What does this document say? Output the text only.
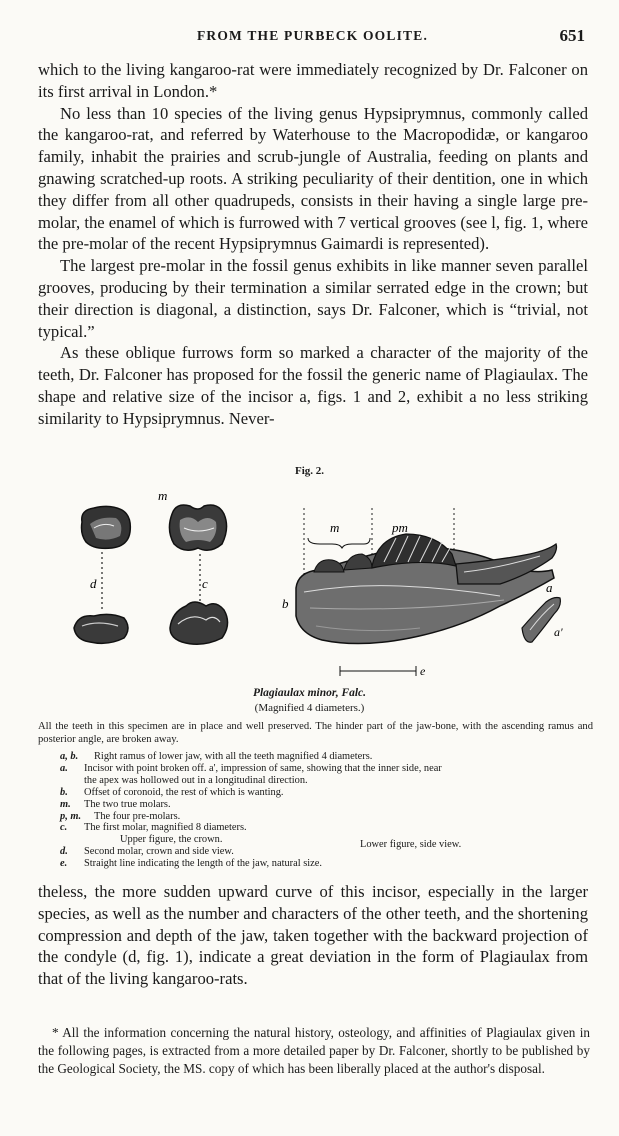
FROM THE PURBECK OOLITE.	651

which to the living kangaroo-rat were immediately recognized by Dr. Falconer on its first arrival in London.*

No less than 10 species of the living genus Hypsiprymnus, commonly called the kangaroo-rat, and referred by Waterhouse to the Macropodidæ, or kangaroo family, inhabit the prairies and scrub-jungle of Australia, feeding on plants and gnawing scratched-up roots. A striking peculiarity of their dentition, one in which they differ from all other quadrupeds, consists in their having a single large pre-molar, the enamel of which is furrowed with 7 vertical grooves (see l, fig. 1, where the pre-molar of the recent Hypsiprymnus Gaimardi is represented).

The largest pre-molar in the fossil genus exhibits in like manner seven parallel grooves, producing by their termination a similar serrated edge in the crown; but their direction is diagonal, a distinction, says Dr. Falconer, which is “trivial, not typical.”

As these oblique furrows form so marked a character of the majority of the teeth, Dr. Falconer has proposed for the fossil the generic name of Plagiaulax. The shape and relative size of the incisor a, figs. 1 and 2, exhibit a no less striking similarity to Hypsiprymnus. Never-

Fig. 2.
m
m	pm
d	c
b
a
a'
e
Plagiaulax minor, Falc.
(Magnified 4 diameters.)
All the teeth in this specimen are in place and well preserved. The hinder part of the jaw-bone, with the ascending ramus and posterior angle, are broken away.
a, b. Right ramus of lower jaw, with all the teeth magnified 4 diameters.
a. Incisor with point broken off. a', impression of same, showing that the inner side, near
the apex was hollowed out in a longitudinal direction.
b. Offset of coronoid, the rest of which is wanting.
m. The two true molars.
p, m. The four pre-molars.
c. The first molar, magnified 8 diameters.
Upper figure, the crown.
d. Second molar, crown and side view.
e. Straight line indicating the length of the jaw, natural size.
Lower figure, side view.

theless, the more sudden upward curve of this incisor, especially in the larger species, as well as the number and characters of the other teeth, and the shortening compression and depth of the jaw, taken together with the backward projection of the condyle (d, fig. 1), indicate a great deviation in the form of Plagiaulax from that of the living kangaroo-rats.

* All the information concerning the natural history, osteology, and affinities of Plagiaulax given in the following pages, is extracted from a more detailed paper by Dr. Falconer, shortly to be published by the Geological Society, the MS. copy of which has been liberally placed at the author's disposal.
